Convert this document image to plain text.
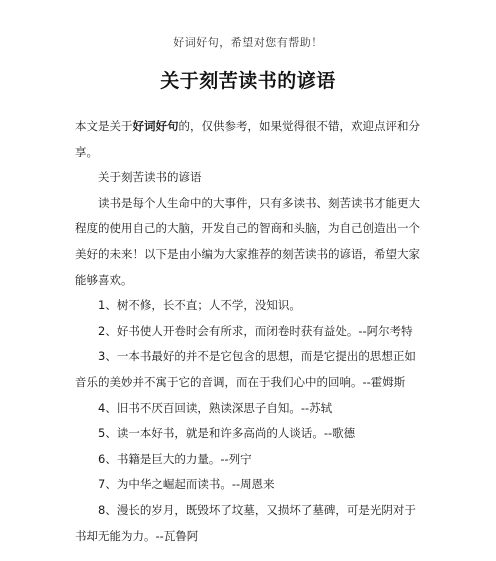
好词好句，希望对您有帮助！
关于刻苦读书的谚语

本文是关于好词好句的，仅供参考，如果觉得很不错，欢迎点评和分享。

关于刻苦读书的谚语

读书是每个人生命中的大事件，只有多读书、刻苦读书才能更大程度的使用自己的大脑，开发自己的智商和头脑，为自己创造出一个美好的未来！以下是由小编为大家推荐的刻苦读书的谚语，希望大家能够喜欢。

1、树不修，长不直；人不学，没知识。

2、好书使人开卷时会有所求，而闭卷时获有益处。--阿尔考特

3、一本书最好的并不是它包含的思想，而是它提出的思想正如音乐的美妙并不寓于它的音调，而在于我们心中的回响。--霍姆斯

4、旧书不厌百回读，熟读深思子自知。--苏轼

5、读一本好书，就是和许多高尚的人谈话。--歌德

6、书籍是巨大的力量。--列宁

7、为中华之崛起而读书。--周恩来

8、漫长的岁月，既毁坏了坟墓，又损坏了墓碑，可是光阴对于书却无能为力。--瓦鲁阿
